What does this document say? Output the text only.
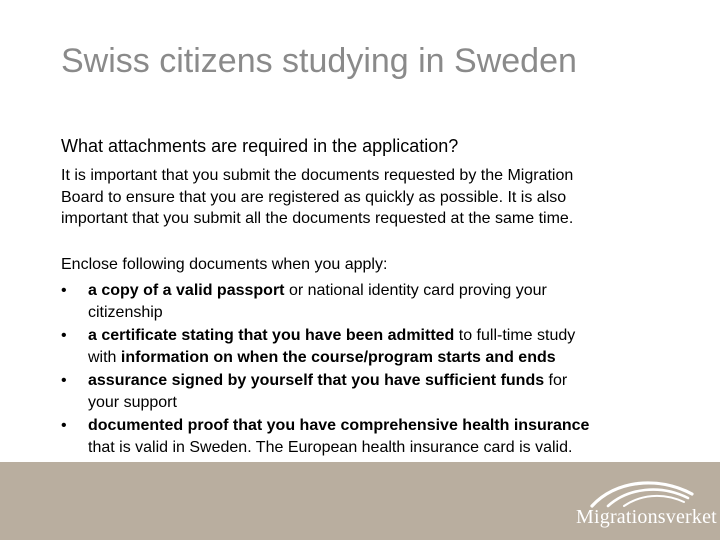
Swiss citizens studying in Sweden
What attachments are required in the application?
It is important that you submit the documents requested by the Migration
Board to ensure that you are registered as quickly as possible. It is also
important that you submit all the documents requested at the same time.
Enclose following documents when you apply:
• a copy of a valid passport or national identity card proving your
citizenship
• a certificate stating that you have been admitted to full-time study
with information on when the course/program starts and ends
• assurance signed by yourself that you have sufficient funds for
your support
• documented proof that you have comprehensive health insurance
that is valid in Sweden. The European health insurance card is valid.
Migrationsverket
